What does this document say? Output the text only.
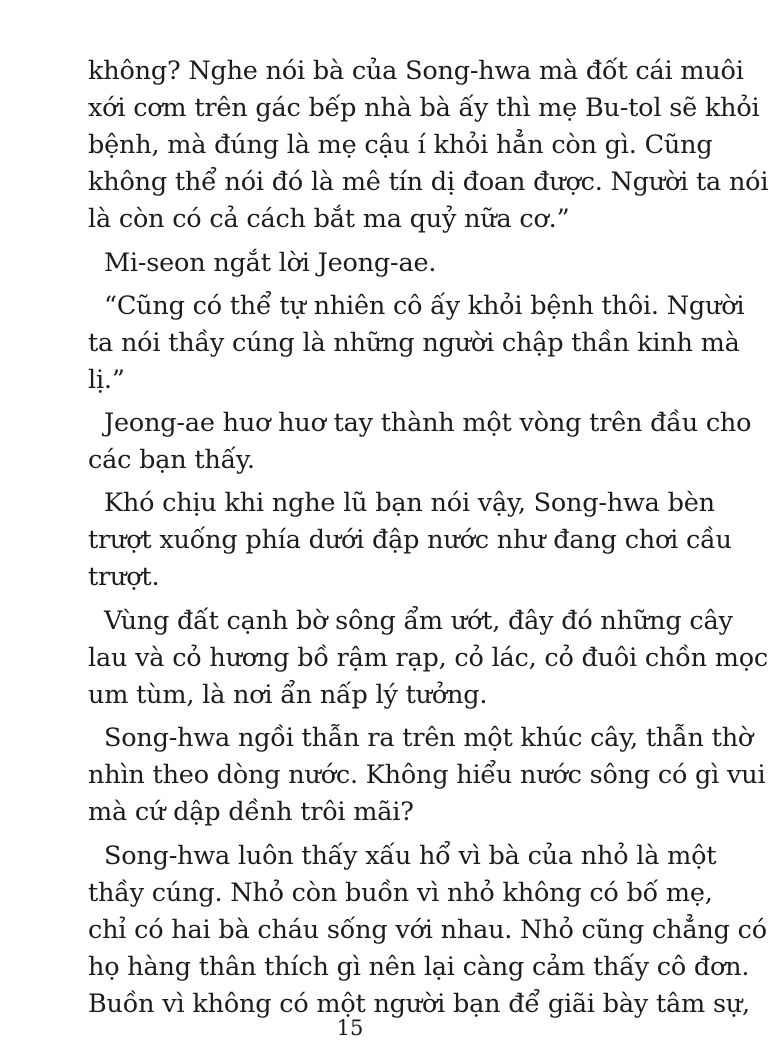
không? Nghe nói bà của Song-hwa mà đốt cái muôi
xới cơm trên gác bếp nhà bà ấy thì mẹ Bu-tol sẽ khỏi
bệnh, mà đúng là mẹ cậu í khỏi hẳn còn gì. Cũng
không thể nói đó là mê tín dị đoan được. Người ta nói
là còn có cả cách bắt ma quỷ nữa cơ.”
Mi-seon ngắt lời Jeong-ae.
“Cũng có thể tự nhiên cô ấy khỏi bệnh thôi. Người
ta nói thầy cúng là những người chập thần kinh mà
lị.”
Jeong-ae huơ huơ tay thành một vòng trên đầu cho
các bạn thấy.
Khó chịu khi nghe lũ bạn nói vậy, Song-hwa bèn
trượt xuống phía dưới đập nước như đang chơi cầu
trượt.
Vùng đất cạnh bờ sông ẩm ướt, đây đó những cây
lau và cỏ hương bồ rậm rạp, cỏ lác, cỏ đuôi chồn mọc
um tùm, là nơi ẩn nấp lý tưởng.
Song-hwa ngồi thẫn ra trên một khúc cây, thẫn thờ
nhìn theo dòng nước. Không hiểu nước sông có gì vui
mà cứ dập dềnh trôi mãi?
Song-hwa luôn thấy xấu hổ vì bà của nhỏ là một
thầy cúng. Nhỏ còn buồn vì nhỏ không có bố mẹ,
chỉ có hai bà cháu sống với nhau. Nhỏ cũng chẳng có
họ hàng thân thích gì nên lại càng cảm thấy cô đơn.
Buồn vì không có một người bạn để giãi bày tâm sự,
15
